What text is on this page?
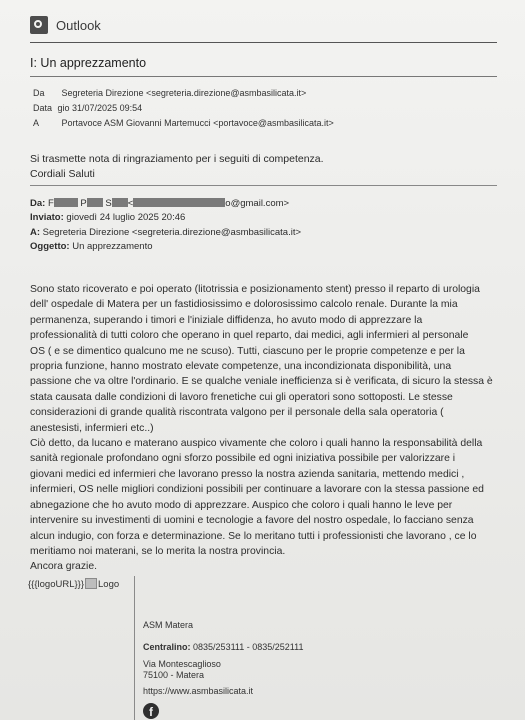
Outlook
I: Un apprezzamento
Da Segreteria Direzione <segreteria.direzione@asmbasilicata.it>
Data gio 31/07/2025 09:54
A	Portavoce ASM Giovanni Martemucci <portavoce@asmbasilicata.it>
Si trasmette nota di ringraziamento per i seguiti di competenza.
Cordiali Saluti
Da: F	P S <	o@gmail.com>
Inviato: giovedì 24 luglio 2025 20:46
A: Segreteria Direzione <segreteria.direzione@asmbasilicata.it>
Oggetto: Un apprezzamento
Sono stato ricoverato e poi operato (litotrissia e posizionamento stent) presso il reparto di urologia
dell' ospedale di Matera per un fastidiosissimo e dolorosissimo calcolo renale. Durante la mia
permanenza, superando i timori e l'iniziale diffidenza, ho avuto modo di apprezzare la
professionalità di tutti coloro che operano in quel reparto, dai medici, agli infermieri al personale
OS ( e se dimentico qualcuno me ne scuso). Tutti, ciascuno per le proprie competenze e per la
propria funzione, hanno mostrato elevate competenze, una incondizionata disponibilità, una
passione che va oltre l'ordinario. E se qualche veniale inefficienza si è verificata, di sicuro la stessa è
stata causata dalle condizioni di lavoro frenetiche cui gli operatori sono sottoposti. Le stesse
considerazioni di grande qualità riscontrata valgono per il personale della sala operatoria (
anestesisti, infermieri etc..)
Ciò detto, da lucano e materano auspico vivamente che coloro i quali hanno la responsabilità della
sanità regionale profondano ogni sforzo possibile ed ogni iniziativa possibile per valorizzare i
giovani medici ed infermieri che lavorano presso la nostra azienda sanitaria, mettendo medici ,
infermieri, OS nelle migliori condizioni possibili per continuare a lavorare con la stessa passione ed
abnegazione che ho avuto modo di apprezzare. Auspico che coloro i quali hanno le leve per
intervenire su investimenti di uomini e tecnologie a favore del nostro ospedale, lo facciano senza
alcun indugio, con forza e determinazione. Se lo meritano tutti i professionisti che lavorano , ce lo
meritiamo noi materani, se lo merita la nostra provincia.
Ancora grazie.
{{{logoURL}}} Logo
ASM Matera
Centralino: 0835/253111 - 0835/252111
Via Montescaglioso
75100 - Matera
https://www.asmbasilicata.it
f
